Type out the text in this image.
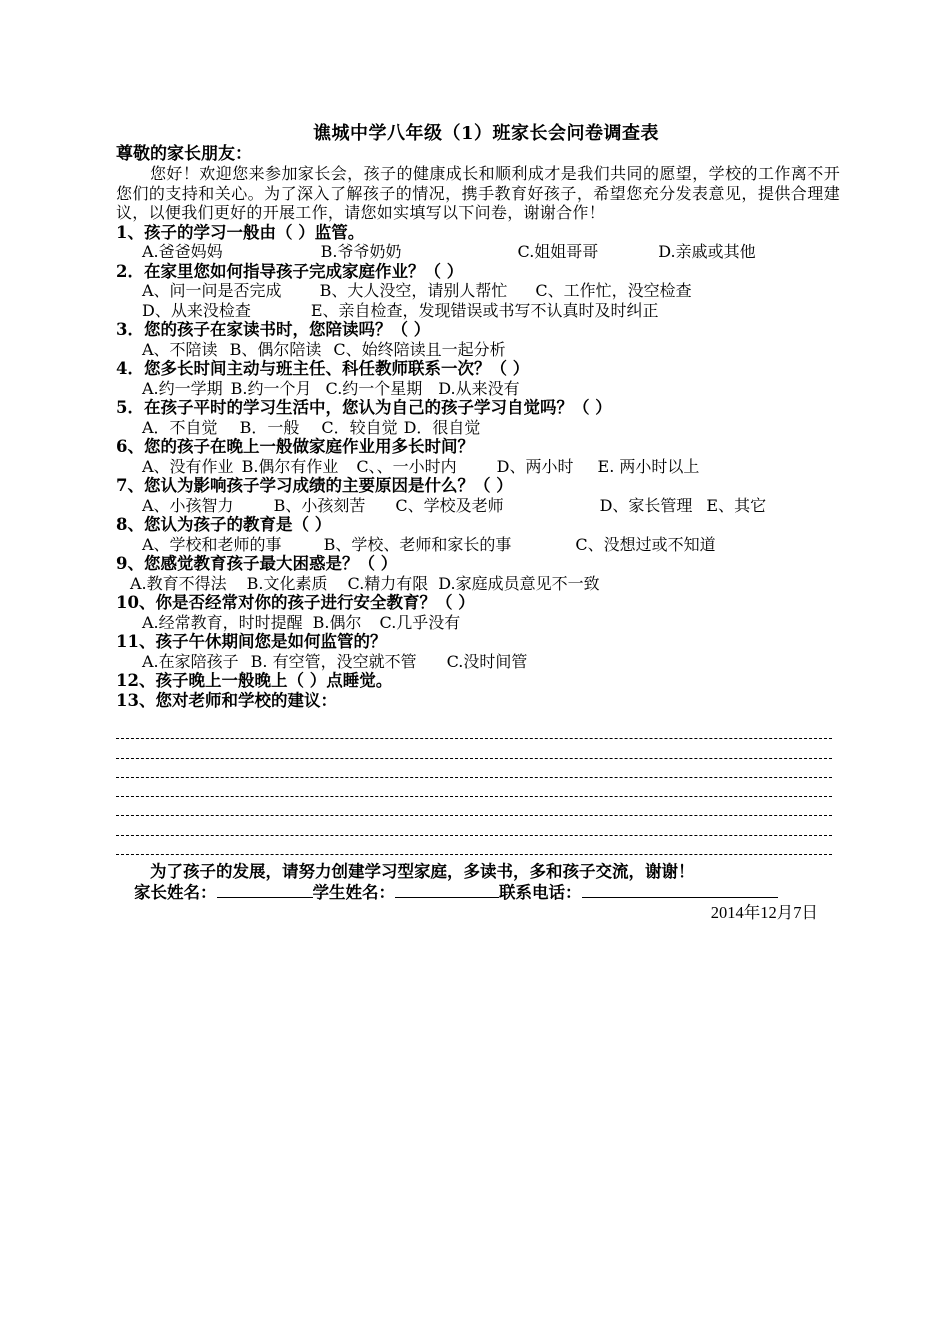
谯城中学八年级（1）班家长会问卷调查表
尊敬的家长朋友：
您好！欢迎您来参加家长会，孩子的健康成长和顺利成才是我们共同的愿望，学校的工作离不开您们的支持和关心。为了深入了解孩子的情况，携手教育好孩子，希望您充分发表意见，提供合理建议，以便我们更好的开展工作，请您如实填写以下问卷，谢谢合作！
1、孩子的学习一般由（ ）监管。
A.爸爸妈妈	B.爷爷奶奶	C.姐姐哥哥	D.亲戚或其他
2．在家里您如何指导孩子完成家庭作业？（ ）
A、问一问是否完成 B、大人没空，请别人帮忙 C、工作忙，没空检查
D、从来没检查	E、亲自检查，发现错误或书写不认真时及时纠正
3．您的孩子在家读书时，您陪读吗？（ ）
A、不陪读 B、偶尔陪读 C、始终陪读且一起分析
4．您多长时间主动与班主任、科任教师联系一次？（ ）
A.约一学期 B.约一个月 C.约一个星期 D.从来没有
5．在孩子平时的学习生活中，您认为自己的孩子学习自觉吗？（ ）
A．不自觉 B．一般 C．较自觉 D．很自觉
6、您的孩子在晚上一般做家庭作业用多长时间？
A、没有作业 B.偶尔有作业 C、、一小时内	D、两小时 E. 两小时以上
7、您认为影响孩子学习成绩的主要原因是什么？（ ）
A、小孩智力	B、小孩刻苦 C、学校及老师	D、家长管理 E、其它
8、您认为孩子的教育是（ ）
A、学校和老师的事	B、学校、老师和家长的事	C、没想过或不知道
9、您感觉教育孩子最大困惑是？（ ）
A.教育不得法 B.文化素质 C.精力有限 D.家庭成员意见不一致
10、你是否经常对你的孩子进行安全教育？（ ）
A.经常教育，时时提醒 B.偶尔 C.几乎没有
11、孩子午休期间您是如何监管的？
A.在家陪孩子 B. 有空管，没空就不管 C.没时间管
12、孩子晚上一般晚上（ ）点睡觉。
13、您对老师和学校的建议：
为了孩子的发展，请努力创建学习型家庭，多读书，多和孩子交流，谢谢！
家长姓名：	学生姓名：	联系电话：
2014年12月7日
